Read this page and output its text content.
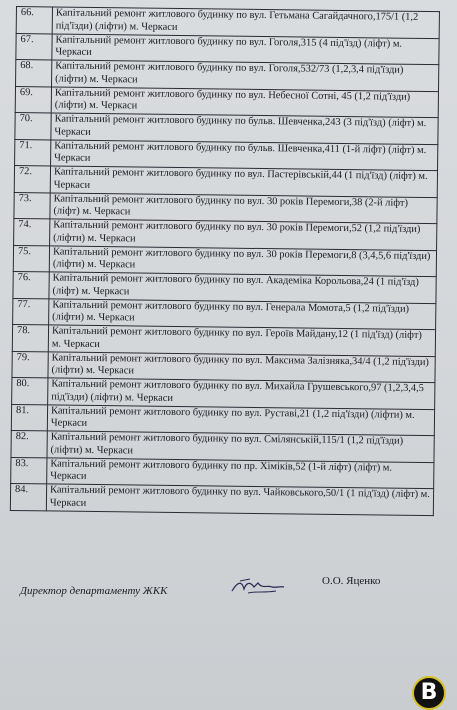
66.	Капітальний ремонт житлового будинку по вул. Гетьмана Сагайдачного,175/1 (1,2 під'їзди) (ліфти) м. Черкаси
67.	Капітальний ремонт житлового будинку по вул. Гоголя,315 (4 під'їзд) (ліфт) м. Черкаси
68.	Капітальний ремонт житлового будинку по вул. Гоголя,532/73 (1,2,3,4 під'їзди) (ліфти) м. Черкаси
69.	Капітальний ремонт житлового будинку по вул. Небесної Сотні, 45 (1,2 під'їзди) (ліфти) м. Черкаси
70.	Капітальний ремонт житлового будинку по бульв. Шевченка,243 (3 під'їзд) (ліфт) м. Черкаси
71.	Капітальний ремонт житлового будинку по бульв. Шевченка,411 (1-й ліфт) (ліфт) м. Черкаси
72.	Капітальний ремонт житлового будинку по вул. Пастерівській,44 (1 під'їзд) (ліфт) м. Черкаси
73.	Капітальний ремонт житлового будинку по вул. 30 років Перемоги,38 (2-й ліфт) (ліфт) м. Черкаси
74.	Капітальний ремонт житлового будинку по вул. 30 років Перемоги,52 (1,2 під'їзди) (ліфти) м. Черкаси
75.	Капітальний ремонт житлового будинку по вул. 30 років Перемоги,8 (3,4,5,6 під'їзди) (ліфти) м. Черкаси
76.	Капітальний ремонт житлового будинку по вул. Академіка Корольова,24 (1 під'їзд) (ліфт) м. Черкаси
77.	Капітальний ремонт житлового будинку по вул. Генерала Момота,5 (1,2 під'їзди) (ліфти) м. Черкаси
78.	Капітальний ремонт житлового будинку по вул. Героїв Майдану,12 (1 під'їзд) (ліфт) м. Черкаси
79.	Капітальний ремонт житлового будинку по вул. Максима Залізняка,34/4 (1,2 під'їзди) (ліфти) м. Черкаси
80.	Капітальний ремонт житлового будинку по вул. Михайла Грушевського,97 (1,2,3,4,5 під'їзди) (ліфти) м. Черкаси
81.	Капітальний ремонт житлового будинку по вул. Руставі,21 (1,2 під'їзди) (ліфти) м. Черкаси
82.	Капітальний ремонт житлового будинку по вул. Смілянській,115/1 (1,2 під'їзди) (ліфти) м. Черкаси
83.	Капітальний ремонт житлового будинку по пр. Хіміків,52 (1-й ліфт) (ліфт) м. Черкаси
84.	Капітальний ремонт житлового будинку по вул. Чайковського,50/1 (1 під'їзд) (ліфт) м. Черкаси
Директор департаменту ЖКК
О.О. Яценко
В
